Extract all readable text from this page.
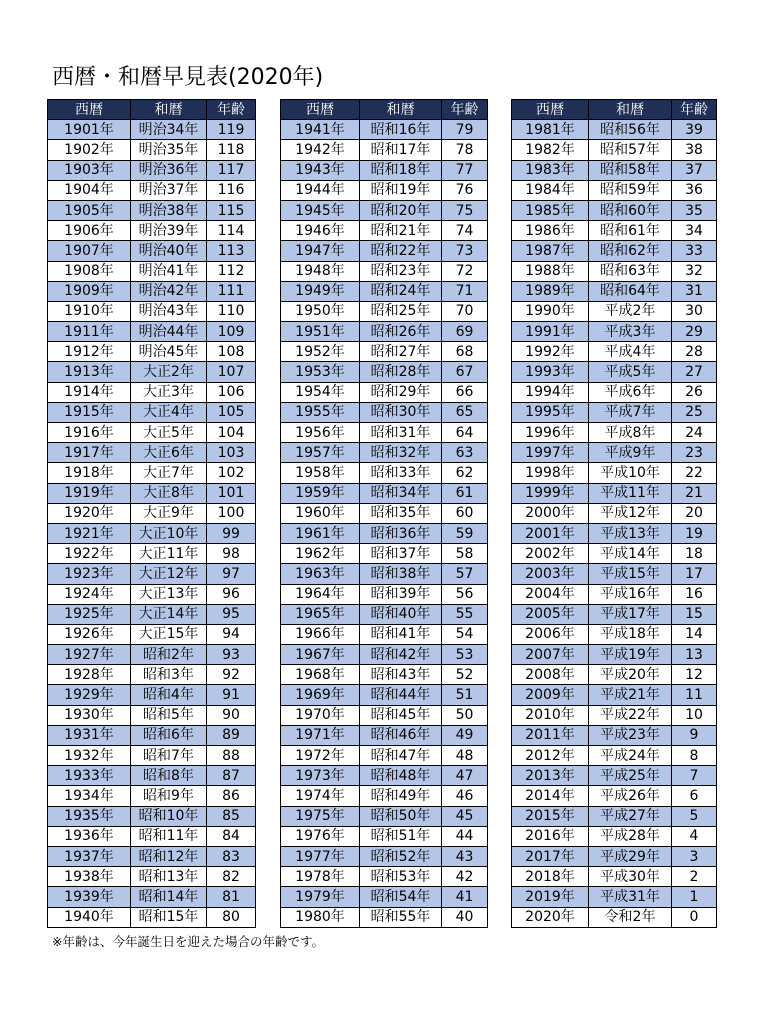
西暦・和暦早見表(2020年)
西暦	和暦	年齢
1901年	明治34年	119
1902年	明治35年	118
1903年	明治36年	117
1904年	明治37年	116
1905年	明治38年	115
1906年	明治39年	114
1907年	明治40年	113
1908年	明治41年	112
1909年	明治42年	111
1910年	明治43年	110
1911年	明治44年	109
1912年	明治45年	108
1913年	大正2年	107
1914年	大正3年	106
1915年	大正4年	105
1916年	大正5年	104
1917年	大正6年	103
1918年	大正7年	102
1919年	大正8年	101
1920年	大正9年	100
1921年	大正10年	99
1922年	大正11年	98
1923年	大正12年	97
1924年	大正13年	96
1925年	大正14年	95
1926年	大正15年	94
1927年	昭和2年	93
1928年	昭和3年	92
1929年	昭和4年	91
1930年	昭和5年	90
1931年	昭和6年	89
1932年	昭和7年	88
1933年	昭和8年	87
1934年	昭和9年	86
1935年	昭和10年	85
1936年	昭和11年	84
1937年	昭和12年	83
1938年	昭和13年	82
1939年	昭和14年	81
1940年	昭和15年	80
西暦	和暦	年齢
1941年	昭和16年	79
1942年	昭和17年	78
1943年	昭和18年	77
1944年	昭和19年	76
1945年	昭和20年	75
1946年	昭和21年	74
1947年	昭和22年	73
1948年	昭和23年	72
1949年	昭和24年	71
1950年	昭和25年	70
1951年	昭和26年	69
1952年	昭和27年	68
1953年	昭和28年	67
1954年	昭和29年	66
1955年	昭和30年	65
1956年	昭和31年	64
1957年	昭和32年	63
1958年	昭和33年	62
1959年	昭和34年	61
1960年	昭和35年	60
1961年	昭和36年	59
1962年	昭和37年	58
1963年	昭和38年	57
1964年	昭和39年	56
1965年	昭和40年	55
1966年	昭和41年	54
1967年	昭和42年	53
1968年	昭和43年	52
1969年	昭和44年	51
1970年	昭和45年	50
1971年	昭和46年	49
1972年	昭和47年	48
1973年	昭和48年	47
1974年	昭和49年	46
1975年	昭和50年	45
1976年	昭和51年	44
1977年	昭和52年	43
1978年	昭和53年	42
1979年	昭和54年	41
1980年	昭和55年	40
西暦	和暦	年齢
1981年	昭和56年	39
1982年	昭和57年	38
1983年	昭和58年	37
1984年	昭和59年	36
1985年	昭和60年	35
1986年	昭和61年	34
1987年	昭和62年	33
1988年	昭和63年	32
1989年	昭和64年	31
1990年	平成2年	30
1991年	平成3年	29
1992年	平成4年	28
1993年	平成5年	27
1994年	平成6年	26
1995年	平成7年	25
1996年	平成8年	24
1997年	平成9年	23
1998年	平成10年	22
1999年	平成11年	21
2000年	平成12年	20
2001年	平成13年	19
2002年	平成14年	18
2003年	平成15年	17
2004年	平成16年	16
2005年	平成17年	15
2006年	平成18年	14
2007年	平成19年	13
2008年	平成20年	12
2009年	平成21年	11
2010年	平成22年	10
2011年	平成23年	9
2012年	平成24年	8
2013年	平成25年	7
2014年	平成26年	6
2015年	平成27年	5
2016年	平成28年	4
2017年	平成29年	3
2018年	平成30年	2
2019年	平成31年	1
2020年	令和2年	0
※年齢は、今年誕生日を迎えた場合の年齢です。
